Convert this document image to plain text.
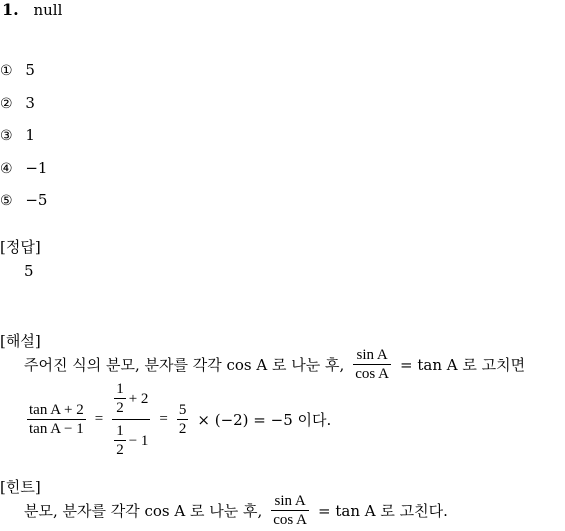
1. null
① 5
② 3
③ 1
④ −1
⑤ −5
[정답]
5
[해설]
주어진 식의 분모, 분자를 각각 cos A 로 나눈 후, $\frac{\text{sin A}}{\text{cos A}} = \tan A$ 로 고치면
$\frac{\text{tan A + 2}}{\text{tan A − 1}} = \frac{\frac{1}{2} + 2}{\frac{1}{2} - 1} = \frac{5}{2} \times (-2) = -5$ 이다.
[힌트]
분모, 분자를 각각 cos A 로 나눈 후, $\frac{\text{sin A}}{\text{cos A}} = \tan A$ 로 고친다.
